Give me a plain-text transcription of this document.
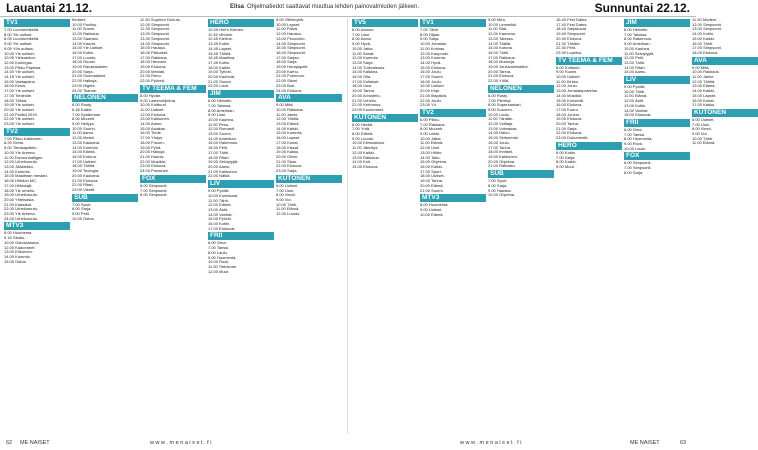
Lauantai 21.12.	Elisa Ohjelmatiedot saattavat muuttua lehden painovalmiuden jälkeen.	Sunnuntai 22.12.
TV1
7.00 Luontoretkellä.
8.00 Yle uutiset.
8.05 Luontoretkellä.
9.00 Yle uutiset.
9.05 Yön uutisia.
10.00 Yle uutiset.
10.05 Yleisradion.
12.00 Kuningas.
13.00 Pikku Papissa.
14.00 Yle uutiset.
14.15 Yle uutiset.
15.00 Vastapaino.
16.00 Kinos.
17.00 Yle uutiset.
17.05 Tiedeolle.
18.00 Tähkä.
19.00 Yle uutiset.
20.00 Yle uutiset.
21.00 Poliisit 2019.
22.00 Yle uutiset.
23.00 Yle uutiset.
TV2
7.00 Pikku Kakkonen.
8.29 Greta.
9.00 Tienlaajuttelu.
10.00 Yle Areena.
11.00 Dovoonhalligen.
12.00 Urheiluruutu.
13.00 Jääkiekko.
14.00 Kummis.
15.00 Maailman mestari.
16.00 Hiihdon MC.
17.00 Hiihtolajit.
18.00 Yle urheilu.
19.00 Urheiluruutu.
20.00 Yhteisasia.
21.00 Klassikot.
22.00 Urheiluruutu.
23.00 Yle Areena.
24.00 Urheiluruutu.
MTV3
8.00 Huomenta.
9.15 Studio.
10.00 Ostoskanava.
12.00 Kadonneet.
13.00 Erikoinen.
14.00 Kummis.
15.00 Ostos.
Ihmiset.
10.00 Puoliso.
11.00 Suomi.
12.00 Rakkaus.
13.00 Saaristo.
14.00 Kaunis.
15.00 Yle Uutiset.
16.00 Kotiin.
17.00 Luonto.
18.00 Ruotsi.
19.00 Ranskalainen.
20.00 Sarja.
21.00 Suomalaiset.
22.00 Haikuja.
23.00 Nights.
24.00 Tilanne.
NELONEN
6.00 Rusty.
6.45 Kaikki.
7.00 Spiderman.
8.00 Muumit.
9.00 Hellyys.
10.00 Suurin.
11.00 Aamu.
12.00 Meteli.
13.00 Kaukana.
14.00 Kummis.
15.00 Elämä.
16.00 Kotona.
17.00 Uutiset.
18.00 Tähtiä.
19.00 Teologia.
20.00 Kaukana.
21.00 Elokuva.
22.00 Ritari.
23.00 Viestit.
SUB
7.00 Sport.
8.00 Sarja.
9.00 Pelit.
10.00 Ostos.
11.30 Superior Donuts.
12.00 Simpsonit.
12.30 Simpsonit.
13.00 Simpsonit.
13.30 Simpsonit.
14.00 Simpsonit.
15.00 Hauska.
16.00 Pikkuiset.
17.00 Rakkaus.
18.00 Hevoset.
19.00 Elokuva.
20.00 Mestari.
21.00 Reno.
22.00 Pyöreä.
TV TEEMA & FEM
8.00 Hyvän.
9.00 Lastenohjelma.
10.00 Kulttuuri.
11.00 Uutiset.
12.00 Elokuva.
13.00 Kakkonen.
14.00 Aamu.
15.00 Asiakas.
16.00 Tiede.
17.00 Yhdys.
18.00 Frozen.
19.00 Pyhä.
20.00 Haikuja.
21.00 Kaunis.
22.00 Musiikki.
23.00 Elokuva.
24.00 Punainen.
FOX
6.00 Simpsonit.
7.00 Simpsonit.
8.00 Simpsonit.
HERO
10.45 Hell's Kitchen.
11.45 Vihdoin.
12.45 Kiertue.
13.45 Kotiin.
14.45 Lapset.
15.45 Tähtiä.
16.45 Maailma.
17.45 Kotiin.
18.00 Kaikki.
19.00 Tyttöni.
20.00 Kauheat.
21.00 Suomi.
22.00 Lauri.
JIM
6.00 Helvetin.
7.00 Talossa.
8.00 Amerikan.
9.00 Uusi.
10.00 Kauhea.
11.00 Pesu.
12.00 Romanit.
13.00 Suomi.
14.00 Amerikan.
15.00 Rakennus.
16.00 Pelit.
17.00 Tähti.
18.00 Ritari.
19.00 Selviytyjät.
20.00 Aamu.
21.00 Kakkonen.
22.00 Nälkä.
LIV
9.00 Pyörät.
10.00 Kuninkaat.
11.00 Tähti.
12.00 Elämä.
13.00 Äidit.
14.00 Vanhat.
15.00 Pyörät.
16.00 Kotiin.
17.00 Elokuvat.
FRII
6.00 Oma.
7.00 Tanssi.
8.00 Laulu.
9.00 Huomenta.
10.00 Rock.
11.00 Tietokone.
12.00 Muut.
9.00 Villiinnyttä.
10.00 Lapset.
11.00 Päivä.
12.00 Hauska.
13.00 Pinocchio.
14.00 Simpsonit.
15.00 Simpsonit.
16.00 Simpsonit.
17.00 Sarjan.
18.00 Sarja.
19.00 Hunajapotti.
20.00 Karhu.
21.00 Pokemon.
22.00 Sävel.
23.00 Bob.
24.00 Elokuva.
AVA
9.00 Mitä.
10.00 Rakkaus.
11.00 Jamie.
12.00 Tähtiä.
13.00 Elämä.
14.00 Kaikki.
15.00 Kummis.
16.00 Lapset.
17.00 Koirat.
18.00 Kissat.
19.00 Kakku.
20.00 Oliver.
21.00 Sisar.
22.00 Elokuva.
23.00 Sarja.
KUTONEN
6.00 Uutiset.
7.00 Uusi.
8.00 Viesti.
9.00 Voi.
10.00 Tähti.
11.00 Elämä.
12.00 Luonto.
TV5
6.00 Aamun.
7.00 Uusi.
8.00 Aamu.
9.00 Hyvä.
10.00 Jalka.
11.00 Sanat.
12.00 Kummis.
13.00 Sarja.
14.00 Tulevaisuus.
15.00 Kaikkea.
16.00 Olla.
17.00 Kultaiset.
18.00 Uusi.
19.00 Tarina.
20.00 Arvostelu.
21.00 Urheilu.
22.00 Kertomus.
23.00 Kuulumiset.
KUTONEN
6.00 Herää.
7.00 Yhtä.
8.00 Elämä.
9.00 Luonto.
10.00 Kiinnostava.
11.00 Jännitys.
12.00 Kaikki.
13.00 Rakkaus.
14.00 Koti.
15.00 Elokuva.
TV1
7.00 Tähti.
8.00 Hiljaa.
9.00 Sarja.
10.00 Jumalan.
11.00 Kolmas.
12.00 Kaupunki.
13.00 Kumma.
14.00 Hyvä.
15.00 Elokuva.
16.00 Joulu.
17.00 Suomi.
18.00 Joulu.
19.00 Uutiset.
20.00 Kirje.
21.00 Iltapäivä.
22.00 Joulu.
23.00 Yö.
TV2
6.00 Pikku.
7.00 Rakkaus.
8.00 Muumit.
9.00 Leikki.
10.00 Jalka.
11.00 Elämä.
12.00 Uinti.
13.00 Hiihto.
14.00 Taito.
15.00 Ohjelma.
16.00 Kaikki.
17.00 Sport.
18.00 Uutiset.
19.00 Tarina.
20.00 Elämä.
21.00 Suomi.
MTV3
8.00 Huomenta.
9.00 Uutiset.
10.00 Elämä.
9.00 Mira.
10.00 Lemmikki.
11.00 Sää.
12.00 Kauneus.
13.00 Talossa.
14.00 Täällä.
15.00 Kotona.
16.00 Tähti.
17.00 Rakkaus.
18.00 Muistoja.
19.00 Jouluvalmistelut.
20.00 Tarina.
21.00 Elokuva.
22.00 Yöllä.
NELONEN
6.00 Rusty.
7.00 Piirretyt.
8.00 Supersankari.
9.00 Suomen.
10.00 Laulu.
11.00 Tänään.
12.00 Voittaja.
13.00 Voimakas.
14.00 Haloo.
15.00 Seitsemän.
16.00 Joulu.
17.00 Tarina.
18.00 Ihmiset.
19.00 Kakkonen.
20.00 Ohjelma.
21.00 Ratkaisu.
SUB
7.00 Sport.
8.00 Sarja.
9.00 Hauska.
10.00 Ohjelma.
16.40 First Dates.
17.40 First Dates.
18.40 Sarjakuvat.
19.40 Simpsonit.
20.30 Elokuva.
21.30 Tähdet.
22.30 Pelit.
23.30 Lopetus.
TV TEEMA & FEM
8.00 Kulttuuri.
9.00 Suomi.
10.00 Uutiset.
11.00 Kirkko.
12.00 Joulu.
13.00 Jumalanpalvelus.
14.00 Musiikki.
15.00 Konsertti.
16.00 Elokuva.
17.00 Kuoro.
18.00 Joulun.
19.00 Elokuva.
20.00 Tarina.
21.00 Sarja.
22.00 Elokuva.
23.00 Dokumentti.
HERO
6.00 Kotiin.
7.00 Sarja.
8.00 Kaikki.
9.00 Muut.
JIM
6.00 Helvetin.
7.00 Talossa.
8.00 Rakennus.
9.00 Amerikan.
10.00 Kauhea.
11.00 Selviytyjät.
12.00 Pelit.
13.00 Tähti.
14.00 Ritari.
15.00 Aamu.
LIV
9.00 Pyörät.
10.00 Tähti.
11.00 Elämä.
12.00 Äidit.
13.00 Kotiin.
14.00 Vanhat.
15.00 Elokuvat.
FRII
6.00 Oma.
7.00 Tanssi.
8.00 Huomenta.
9.00 Rock.
10.00 Laulu.
FOX
6.00 Simpsonit.
7.00 Simpsonit.
8.00 Sarja.
11.30 Modern.
12.00 Simpsonit.
13.00 Simpsonit.
14.00 Kotiin.
15.00 Kaikki.
16.00 Tähti.
17.00 Simpsonit.
18.00 Elokuva.
AVA
9.00 Mitä.
10.00 Rakkaus.
11.00 Jamie.
12.00 Tähtiä.
13.00 Elämä.
14.00 Kaikki.
15.00 Lapset.
16.00 Koirat.
17.00 Kakku.
KUTONEN
6.00 Uutiset.
7.00 Uusi.
8.00 Viesti.
9.00 Voi.
10.00 Tähti.
11.00 Elämä.
62 ME NAISET	w w w . m e n a i s e t . f i	w w w . m e n a i s e t . f i	ME NAISET	63
